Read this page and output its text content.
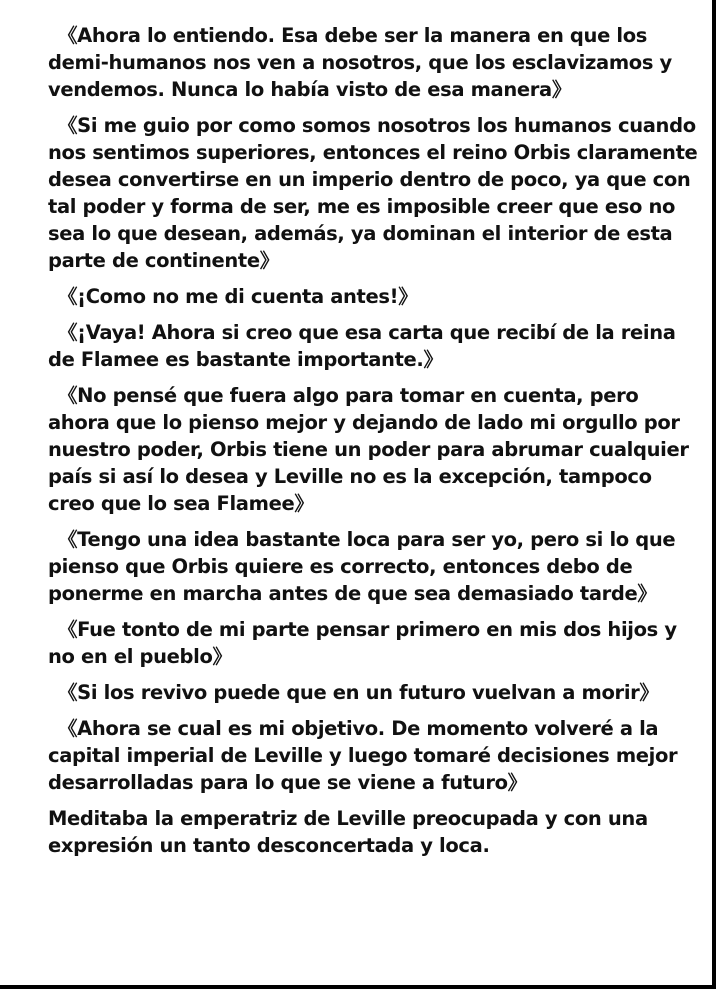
《Ahora lo entiendo. Esa debe ser la manera en que los demi-humanos nos ven a nosotros, que los esclavizamos y vendemos. Nunca lo había visto de esa manera》

《Si me guio por como somos nosotros los humanos cuando nos sentimos superiores, entonces el reino Orbis claramente desea convertirse en un imperio dentro de poco, ya que con tal poder y forma de ser, me es imposible creer que eso no sea lo que desean, además, ya dominan el interior de esta parte de continente》

《¡Como no me di cuenta antes!》

《¡Vaya! Ahora si creo que esa carta que recibí de la reina de Flamee es bastante importante.》

《No pensé que fuera algo para tomar en cuenta, pero ahora que lo pienso mejor y dejando de lado mi orgullo por nuestro poder, Orbis tiene un poder para abrumar cualquier país si así lo desea y Leville no es la excepción, tampoco creo que lo sea Flamee》

《Tengo una idea bastante loca para ser yo, pero si lo que pienso que Orbis quiere es correcto, entonces debo de ponerme en marcha antes de que sea demasiado tarde》

《Fue tonto de mi parte pensar primero en mis dos hijos y no en el pueblo》

《Si los revivo puede que en un futuro vuelvan a morir》

《Ahora se cual es mi objetivo. De momento volveré a la capital imperial de Leville y luego tomaré decisiones mejor desarrolladas para lo que se viene a futuro》

Meditaba la emperatriz de Leville preocupada y con una expresión un tanto desconcertada y loca.
